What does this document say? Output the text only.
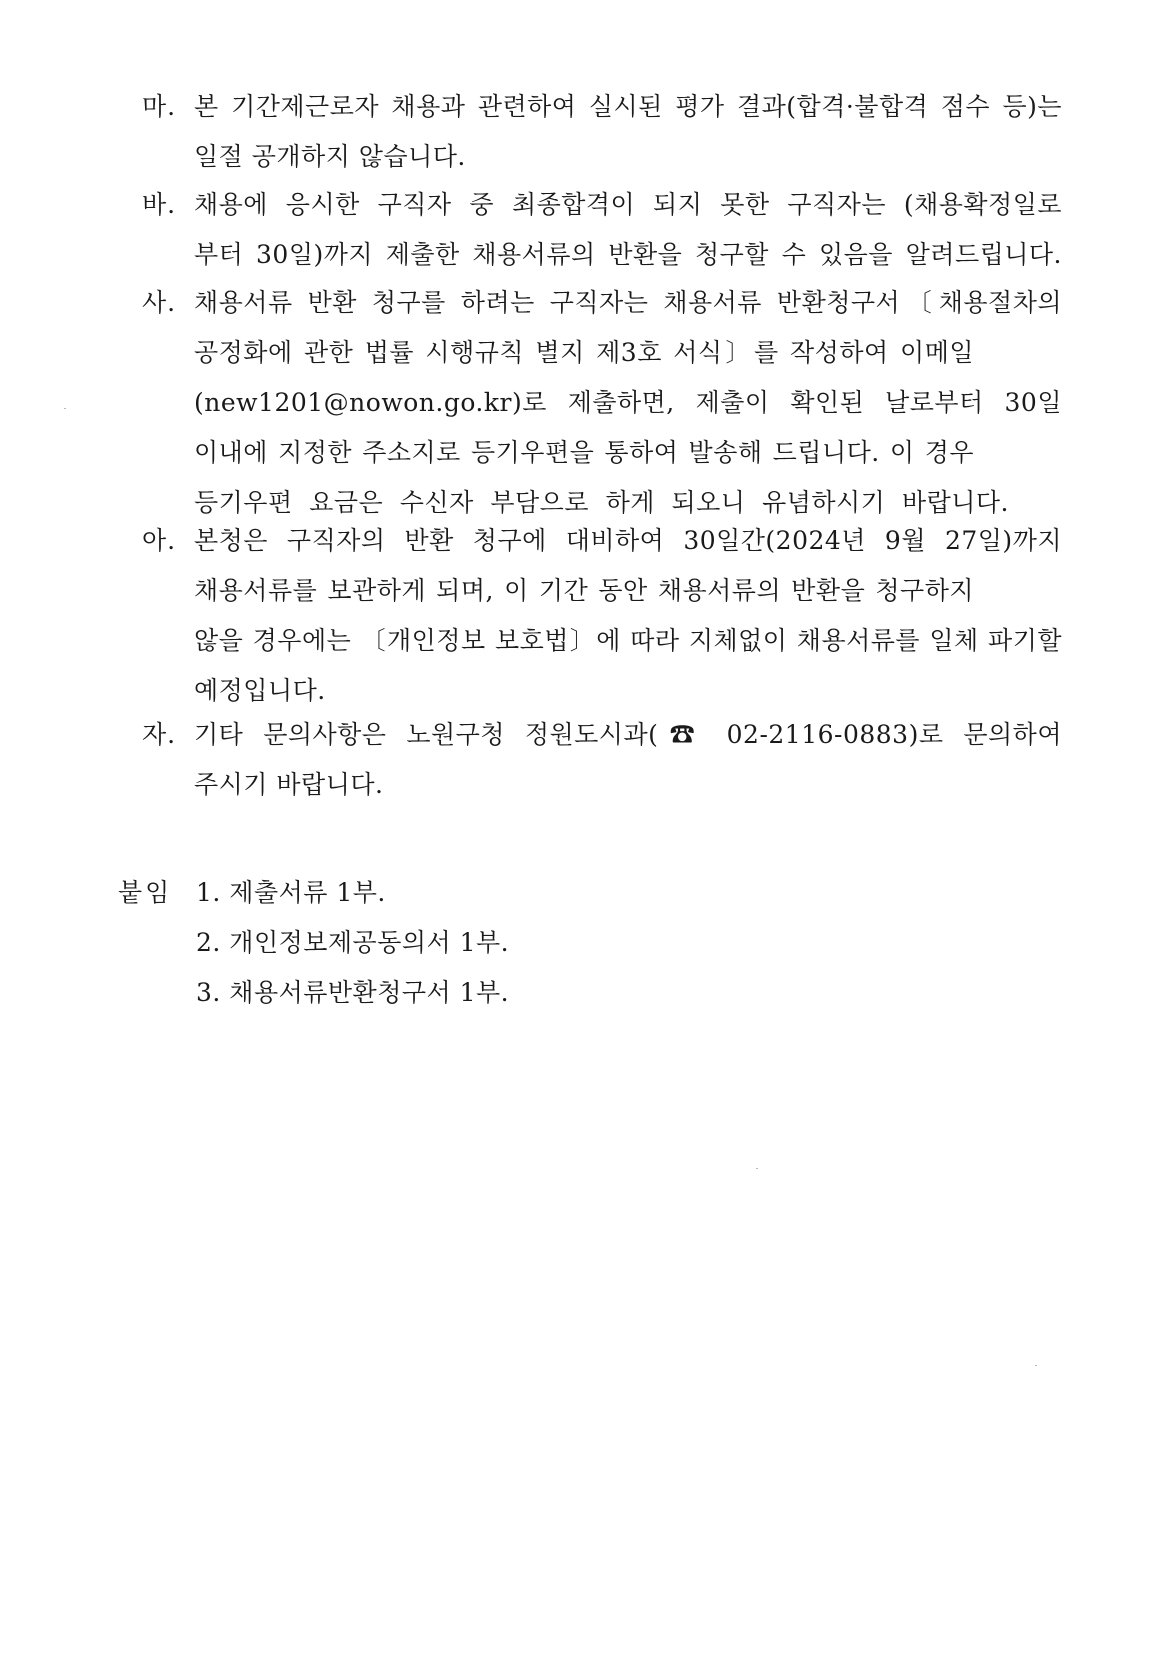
마. 본 기간제근로자 채용과 관련하여 실시된 평가 결과(합격·불합격 점수 등)는
일절 공개하지 않습니다.
바. 채용에 응시한 구직자 중 최종합격이 되지 못한 구직자는 (채용확정일로
부터 30일)까지 제출한 채용서류의 반환을 청구할 수 있음을 알려드립니다.
사. 채용서류 반환 청구를 하려는 구직자는 채용서류 반환청구서〔채용절차의
공정화에 관한 법률 시행규칙 별지 제3호 서식〕를 작성하여 이메일
(new1201@nowon.go.kr)로 제출하면, 제출이 확인된 날로부터 30일
이내에 지정한 주소지로 등기우편을 통하여 발송해 드립니다. 이 경우
등기우편 요금은 수신자 부담으로 하게 되오니 유념하시기 바랍니다.
아. 본청은 구직자의 반환 청구에 대비하여 30일간(2024년 9월 27일)까지
채용서류를 보관하게 되며, 이 기간 동안 채용서류의 반환을 청구하지
않을 경우에는 〔개인정보 보호법〕에 따라 지체없이 채용서류를 일체 파기할
예정입니다.
자. 기타 문의사항은 노원구청 정원도시과(☎ 02-2116-0883)로 문의하여
주시기 바랍니다.
붙임 1. 제출서류 1부.
2. 개인정보제공동의서 1부.
3. 채용서류반환청구서 1부.
